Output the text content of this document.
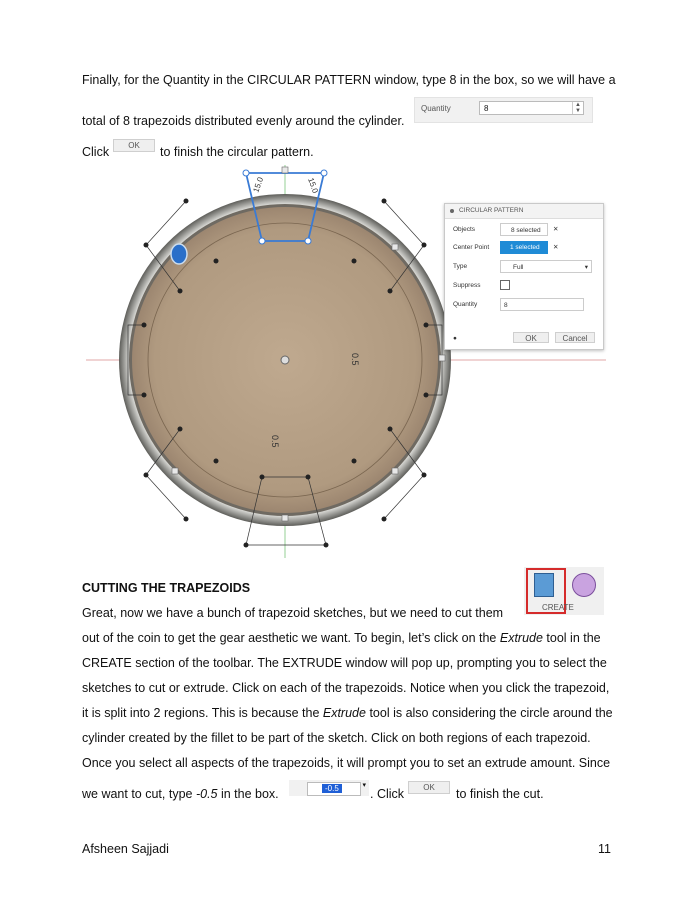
Finally, for the Quantity in the CIRCULAR PATTERN window, type 8 in the box, so we will have a
Quantity	8	▲
▼
total of 8 trapezoids distributed evenly around the cylinder.
Click	OK	to finish the circular pattern.
0.5
0.5
15.0	15.0
CIRCULAR PATTERN
Objects	8 selected	✕
Center Point	1 selected	✕
Type	Full	▾
Suppress
Quantity	8
●	OK	Cancel
CUTTING THE TRAPEZOIDS
CREATE
Great, now we have a bunch of trapezoid sketches, but we need to cut them
out of the coin to get the gear aesthetic we want. To begin, let’s click on the Extrude tool in the
CREATE section of the toolbar. The EXTRUDE window will pop up, prompting you to select the
sketches to cut or extrude. Click on each of the trapezoids. Notice when you click the trapezoid,
it is split into 2 regions. This is because the Extrude tool is also considering the circle around the
cylinder created by the fillet to be part of the sketch. Click on both regions of each trapezoid.
Once you select all aspects of the trapezoids, it will prompt you to set an extrude amount. Since
we want to cut, type -0.5 in the box.	-0.5	▾
. Click	OK	to finish the cut.
Afsheen Sajjadi	11
